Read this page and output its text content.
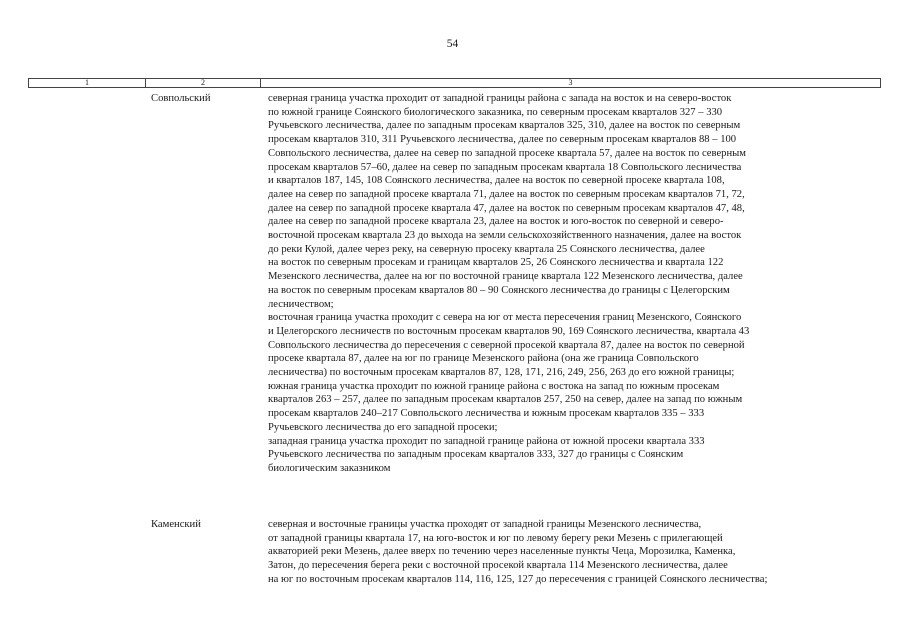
54
1	2	3
Совпольский	северная граница участка проходит от западной границы района с запада на восток и на северо-восток
по южной границе Соянского биологического заказника, по северным просекам кварталов 327 – 330
Ручьевского лесничества, далее по западным просекам кварталов 325, 310, далее на восток по северным
просекам кварталов 310, 311 Ручьевского лесничества, далее по северным просекам кварталов 88 – 100
Совпольского лесничества, далее на север по западной просеке квартала 57, далее на восток по северным
просекам кварталов 57–60, далее на север по западным просекам квартала 18 Совпольского лесничества
и кварталов 187, 145, 108 Соянского лесничества, далее на восток по северной просеке квартала 108,
далее на север по западной просеке квартала 71, далее на восток по северным просекам кварталов 71, 72,
далее на север по западной просеке квартала 47, далее на восток по северным просекам кварталов 47, 48,
далее на север по западной просеке квартала 23, далее на восток и юго-восток по северной и северо-
восточной просекам квартала 23 до выхода на земли сельскохозяйственного назначения, далее на восток
до реки Кулой, далее через реку, на северную просеку квартала 25 Соянского лесничества, далее
на восток по северным просекам и границам кварталов 25, 26 Соянского лесничества и квартала 122
Мезенского лесничества, далее на юг по восточной границе квартала 122 Мезенского лесничества, далее
на восток по северным просекам кварталов 80 – 90 Соянского лесничества до границы с Целегорским
лесничеством;
восточная граница участка проходит с севера на юг от места пересечения границ Мезенского, Соянского
и Целегорского лесничеств по восточным просекам кварталов 90, 169 Соянского лесничества, квартала 43
Совпольского лесничества до пересечения с северной просекой квартала 87, далее на восток по северной
просеке квартала 87, далее на юг по границе Мезенского района (она же граница Совпольского
лесничества) по восточным просекам кварталов 87, 128, 171, 216, 249, 256, 263 до его южной границы;
южная граница участка проходит по южной границе района с востока на запад по южным просекам
кварталов 263 – 257, далее по западным просекам кварталов 257, 250 на север, далее на запад по южным
просекам кварталов 240–217 Совпольского лесничества и южным просекам кварталов 335 – 333
Ручьевского лесничества до его западной просеки;
западная граница участка проходит по западной границе района от южной просеки квартала 333
Ручьевского лесничества по западным просекам кварталов 333, 327 до границы с Соянским
биологическим заказником
Каменский	северная и восточные границы участка проходят от западной границы Мезенского лесничества,
от западной границы квартала 17, на юго-восток и юг по левому берегу реки Мезень с прилегающей
акваторией реки Мезень, далее вверх по течению через населенные пункты Чеца, Морозилка, Каменка,
Затон, до пересечения берега реки с восточной просекой квартала 114 Мезенского лесничества, далее
на юг по восточным просекам кварталов 114, 116, 125, 127 до пересечения с границей Соянского лесничества;
